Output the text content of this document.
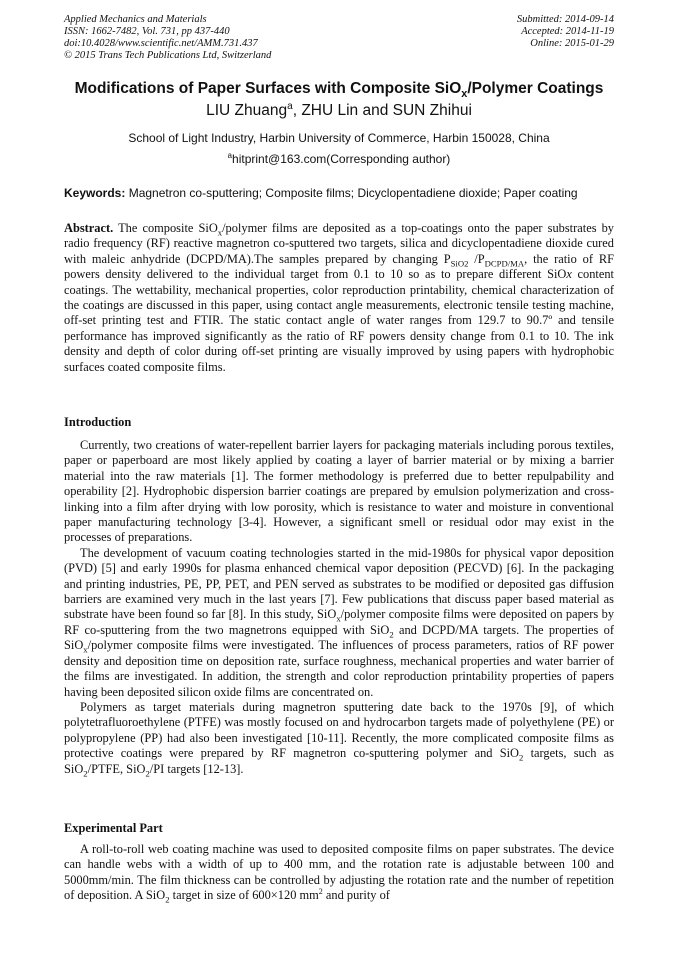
Applied Mechanics and Materials
ISSN: 1662-7482, Vol. 731, pp 437-440
doi:10.4028/www.scientific.net/AMM.731.437
© 2015 Trans Tech Publications Ltd, Switzerland
Submitted: 2014-09-14
Accepted: 2014-11-19
Online: 2015-01-29
Modifications of Paper Surfaces with Composite SiO$_x$/Polymer Coatings
LIU Zhuang$^a$, ZHU Lin and SUN Zhihui
School of Light Industry, Harbin University of Commerce, Harbin 150028, China
$^a$hitprint@163.com(Corresponding author)
Keywords: Magnetron co-sputtering; Composite films; Dicyclopentadiene dioxide; Paper coating
Abstract. The composite SiO$_x$/polymer films are deposited as a top-coatings onto the paper substrates by radio frequency (RF) reactive magnetron co-sputtered two targets, silica and dicyclopentadiene dioxide cured with maleic anhydride (DCPD/MA).The samples prepared by changing $P_{SiO2}$ $/P_{DCPD/MA}$, the ratio of RF powers density delivered to the individual target from 0.1 to 10 so as to prepare different SiOx content coatings. The wettability, mechanical properties, color reproduction printability, chemical characterization of the coatings are discussed in this paper, using contact angle measurements, electronic tensile testing machine, off-set printing test and FTIR. The static contact angle of water ranges from 129.7 to 90.7º and tensile performance has improved significantly as the ratio of RF powers density change from 0.1 to 10. The ink density and depth of color during off-set printing are visually improved by using papers with hydrophobic surfaces coated composite films.
Introduction

Currently, two creations of water-repellent barrier layers for packaging materials including porous textiles, paper or paperboard are most likely applied by coating a layer of barrier material or by mixing a barrier material into the raw materials [1]. The former methodology is preferred due to better repulpability and operability [2]. Hydrophobic dispersion barrier coatings are prepared by emulsion polymerization and cross-linking into a film after drying with low porosity, which is resistance to water and moisture in conventional paper manufacturing technology [3-4]. However, a significant smell or residual odor may exist in the processes of preparations.

The development of vacuum coating technologies started in the mid-1980s for physical vapor deposition (PVD) [5] and early 1990s for plasma enhanced chemical vapor deposition (PECVD) [6]. In the packaging and printing industries, PE, PP, PET, and PEN served as substrates to be modified or deposited gas diffusion barriers are examined very much in the last years [7]. Few publications that discuss paper based material as substrate have been found so far [8]. In this study, SiO$_x$/polymer composite films were deposited on papers by RF co-sputtering from the two magnetrons equipped with SiO$_2$ and DCPD/MA targets. The properties of SiO$_x$/polymer composite films were investigated. The influences of process parameters, ratios of RF power density and deposition time on deposition rate, surface roughness, mechanical properties and water barrier of the films are investigated. In addition, the strength and color reproduction printability properties of papers having been deposited silicon oxide films are concentrated on.

Polymers as target materials during magnetron sputtering date back to the 1970s [9], of which polytetrafluoroethylene (PTFE) was mostly focused on and hydrocarbon targets made of polyethylene (PE) or polypropylene (PP) had also been investigated [10-11]. Recently, the more complicated composite films as protective coatings were prepared by RF magnetron co-sputtering polymer and SiO$_2$ targets, such as SiO$_2$/PTFE, SiO$_2$/PI targets [12-13].

Experimental Part

A roll-to-roll web coating machine was used to deposited composite films on paper substrates. The device can handle webs with a width of up to 400 mm, and the rotation rate is adjustable between 100 and 5000mm/min. The film thickness can be controlled by adjusting the rotation rate and the number of repetition of deposition. A SiO$_2$ target in size of 600×120 $mm^2$ and purity of
